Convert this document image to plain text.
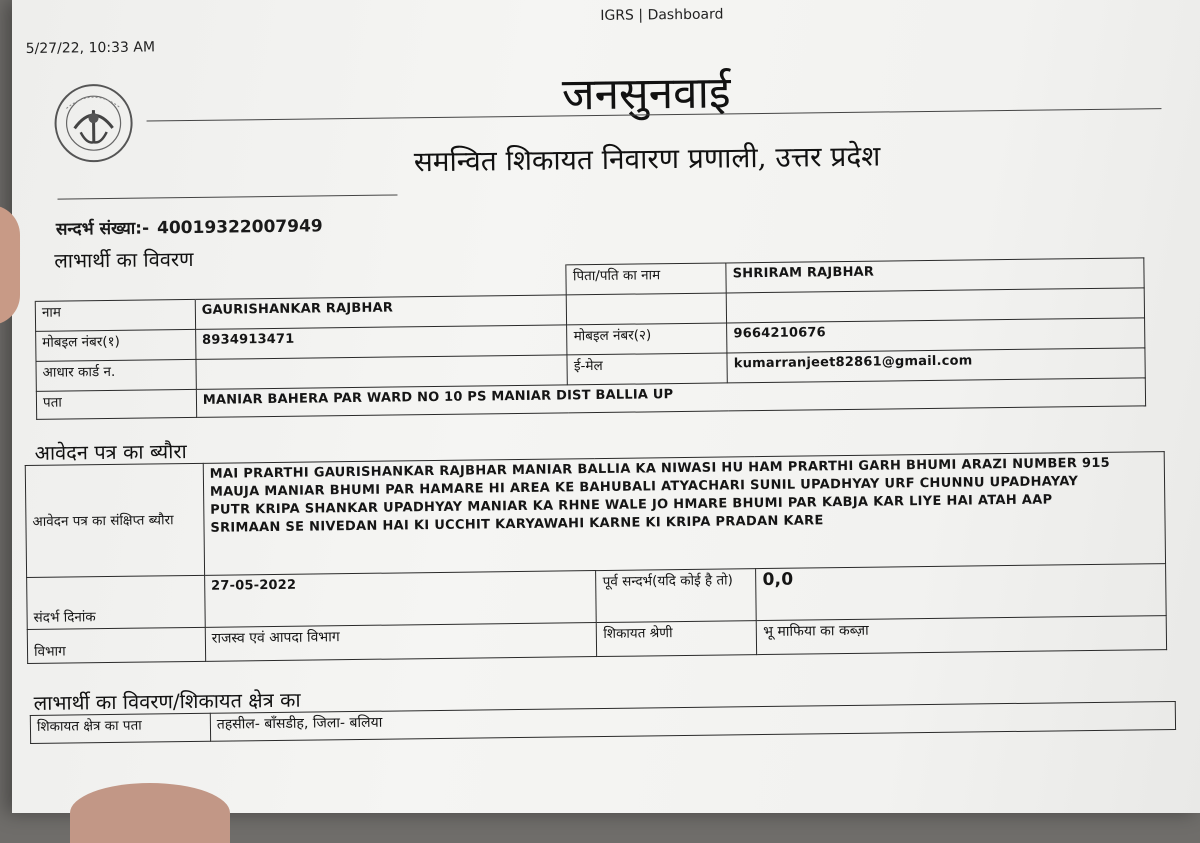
5/27/22, 10:33 AM
IGRS | Dashboard
जनसुनवाई
समन्वित शिकायत निवारण प्रणाली, उत्तर प्रदेश
सन्दर्भ संख्या:- 40019322007949
लाभार्थी का विवरण
		पिता/पति का नाम	SHRIRAM RAJBHAR
नाम	GAURISHANKAR RAJBHAR		
मोबइल नंबर(१)	8934913471	मोबइल नंबर(२)	9664210676
आधार कार्ड न.		ई-मेल	kumarranjeet82861@gmail.com
पता	MANIAR BAHERA PAR WARD NO 10 PS MANIAR DIST BALLIA UP		
आवेदन पत्र का ब्यौरा
आवेदन पत्र का संक्षिप्त ब्यौरा	MAI PRARTHI GAURISHANKAR RAJBHAR MANIAR BALLIA KA NIWASI HU HAM PRARTHI GARH BHUMI ARAZI NUMBER 915
MAUJA MANIAR BHUMI PAR HAMARE HI AREA KE BAHUBALI ATYACHARI SUNIL UPADHYAY URF CHUNNU UPADHAYAY
PUTR KRIPA SHANKAR UPADHYAY MANIAR KA RHNE WALE JO HMARE BHUMI PAR KABJA KAR LIYE HAI ATAH AAP
SRIMAAN SE NIVEDAN HAI KI UCCHIT KARYAWAHI KARNE KI KRIPA PRADAN KARE		

संदर्भ दिनांक	27-05-2022	पूर्व सन्दर्भ(यदि कोई है तो)	0,0
विभाग	राजस्व एवं आपदा विभाग	शिकायत श्रेणी	भू माफिया का कब्ज़ा
लाभार्थी का विवरण/शिकायत क्षेत्र का
शिकायत क्षेत्र का पता	तहसील- बाँसडीह, जिला- बलिया
